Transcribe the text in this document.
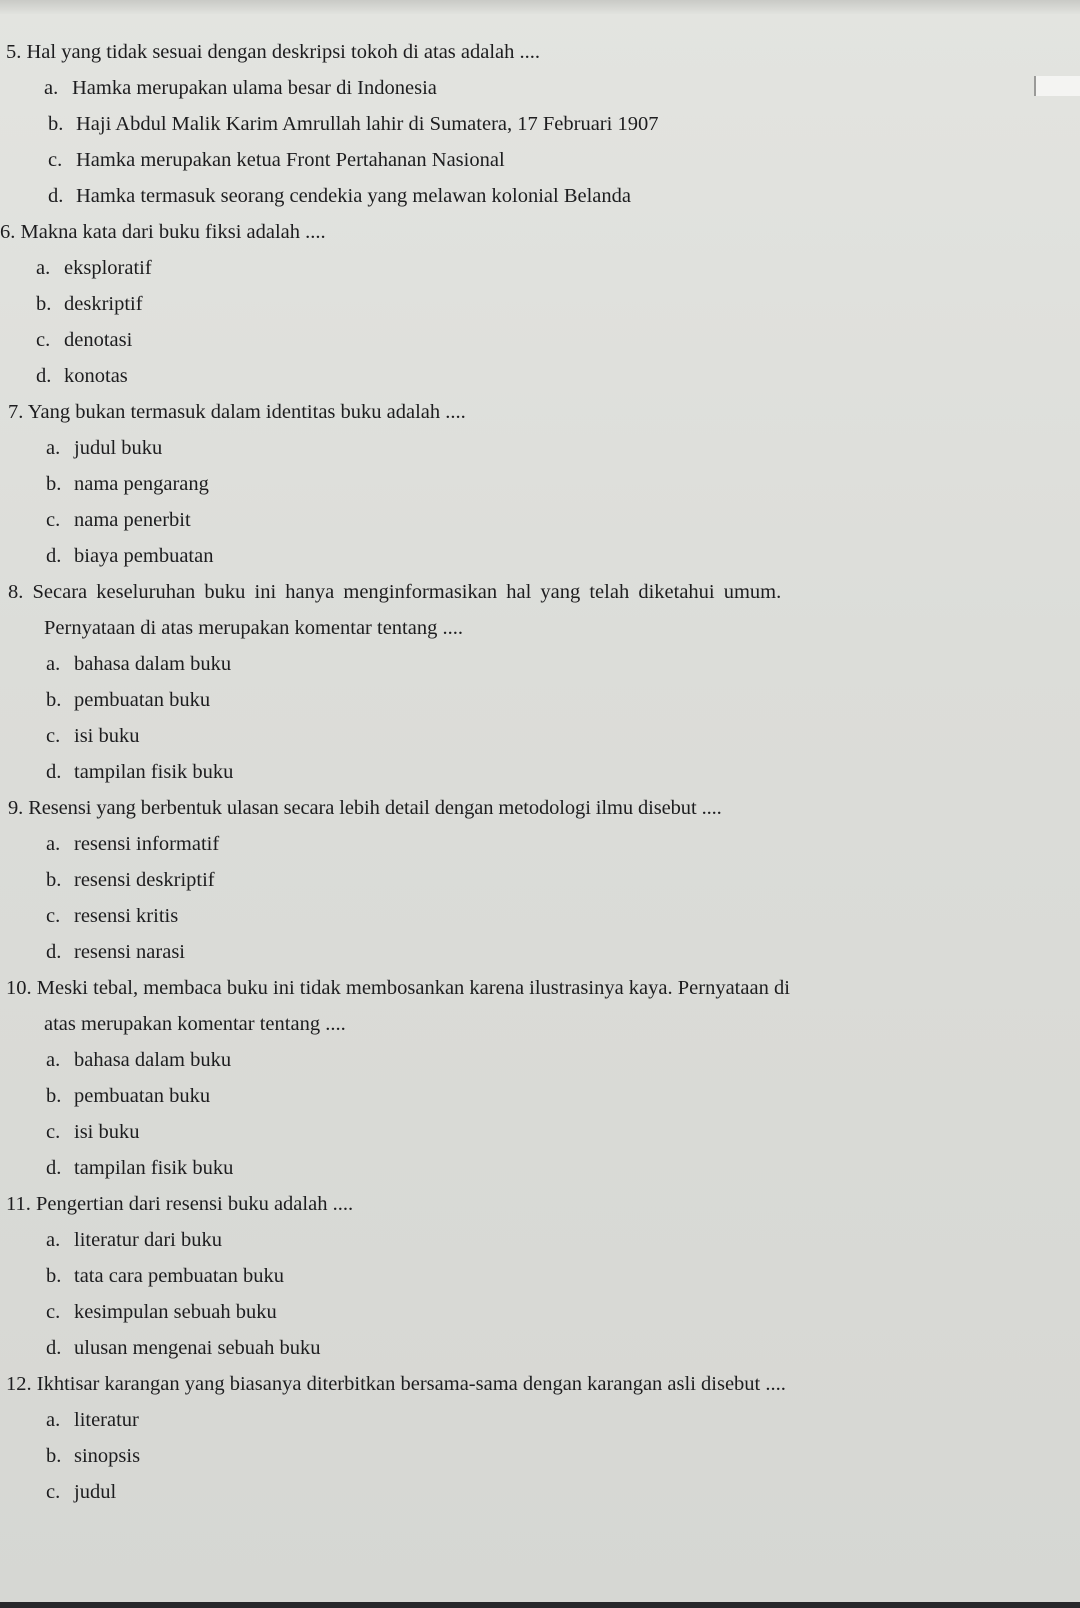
5. Hal yang tidak sesuai dengan deskripsi tokoh di atas adalah ....
a. Hamka merupakan ulama besar di Indonesia
b. Haji Abdul Malik Karim Amrullah lahir di Sumatera, 17 Februari 1907
c. Hamka merupakan ketua Front Pertahanan Nasional
d. Hamka termasuk seorang cendekia yang melawan kolonial Belanda
6. Makna kata dari buku fiksi adalah ....
a. eksploratif
b. deskriptif
c. denotasi
d. konotas
7. Yang bukan termasuk dalam identitas buku adalah ....
a. judul buku
b. nama pengarang
c. nama penerbit
d. biaya pembuatan
8. Secara keseluruhan buku ini hanya menginformasikan hal yang telah diketahui umum.
Pernyataan di atas merupakan komentar tentang ....
a. bahasa dalam buku
b. pembuatan buku
c. isi buku
d. tampilan fisik buku
9. Resensi yang berbentuk ulasan secara lebih detail dengan metodologi ilmu disebut ....
a. resensi informatif
b. resensi deskriptif
c. resensi kritis
d. resensi narasi
10. Meski tebal, membaca buku ini tidak membosankan karena ilustrasinya kaya. Pernyataan di
atas merupakan komentar tentang ....
a. bahasa dalam buku
b. pembuatan buku
c. isi buku
d. tampilan fisik buku
11. Pengertian dari resensi buku adalah ....
a. literatur dari buku
b. tata cara pembuatan buku
c. kesimpulan sebuah buku
d. ulusan mengenai sebuah buku
12. Ikhtisar karangan yang biasanya diterbitkan bersama-sama dengan karangan asli disebut ....
a. literatur
b. sinopsis
c. judul
